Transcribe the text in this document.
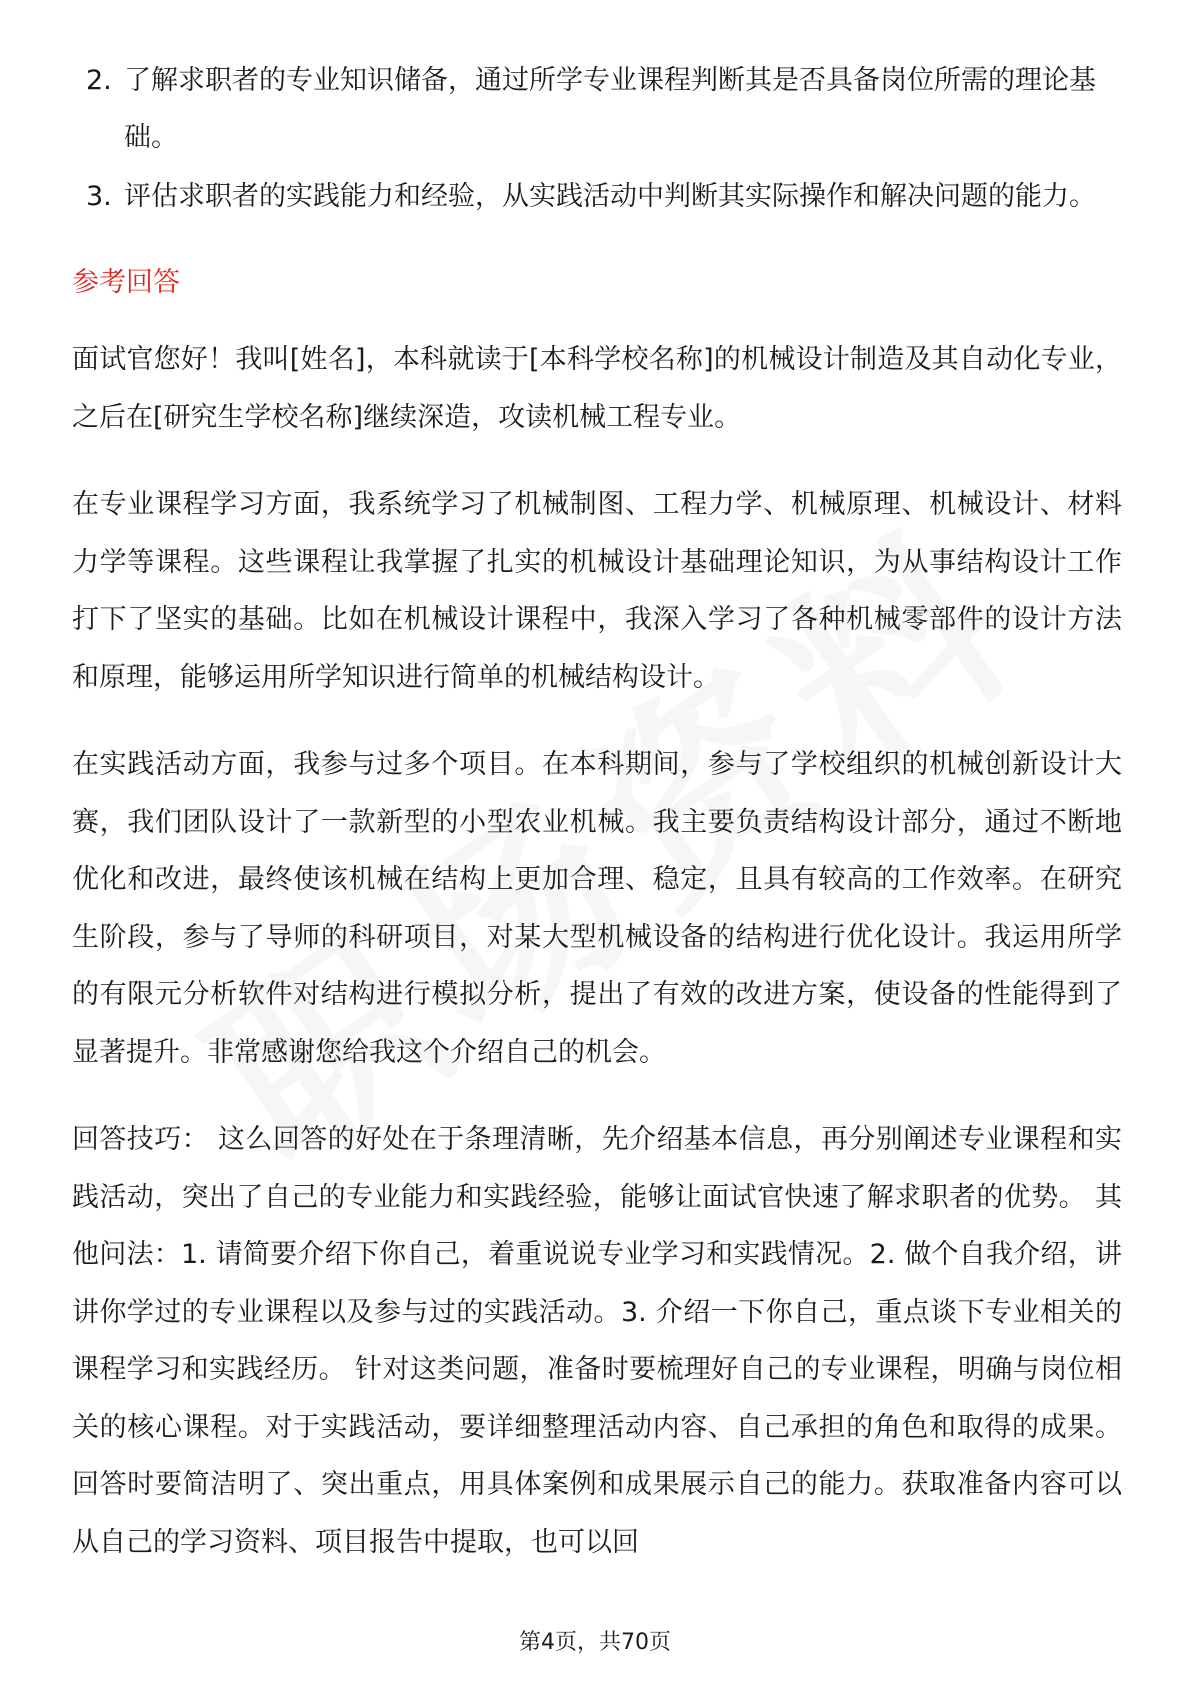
2. 了解求职者的专业知识储备，通过所学专业课程判断其是否具备岗位所需的理论基础。
3. 评估求职者的实践能力和经验，从实践活动中判断其实际操作和解决问题的能力。
参考回答

面试官您好！我叫[姓名]，本科就读于[本科学校名称]的机械设计制造及其自动化专业，之后在[研究生学校名称]继续深造，攻读机械工程专业。

在专业课程学习方面，我系统学习了机械制图、工程力学、机械原理、机械设计、材料力学等课程。这些课程让我掌握了扎实的机械设计基础理论知识，为从事结构设计工作打下了坚实的基础。比如在机械设计课程中，我深入学习了各种机械零部件的设计方法和原理，能够运用所学知识进行简单的机械结构设计。

在实践活动方面，我参与过多个项目。在本科期间，参与了学校组织的机械创新设计大赛，我们团队设计了一款新型的小型农业机械。我主要负责结构设计部分，通过不断地优化和改进，最终使该机械在结构上更加合理、稳定，且具有较高的工作效率。在研究生阶段，参与了导师的科研项目，对某大型机械设备的结构进行优化设计。我运用所学的有限元分析软件对结构进行模拟分析，提出了有效的改进方案，使设备的性能得到了显著提升。非常感谢您给我这个介绍自己的机会。

回答技巧： 这么回答的好处在于条理清晰，先介绍基本信息，再分别阐述专业课程和实践活动，突出了自己的专业能力和实践经验，能够让面试官快速了解求职者的优势。 其他问法：1. 请简要介绍下你自己，着重说说专业学习和实践情况。2. 做个自我介绍，讲讲你学过的专业课程以及参与过的实践活动。3. 介绍一下你自己，重点谈下专业相关的课程学习和实践经历。 针对这类问题，准备时要梳理好自己的专业课程，明确与岗位相关的核心课程。对于实践活动，要详细整理活动内容、自己承担的角色和取得的成果。回答时要简洁明了、突出重点，用具体案例和成果展示自己的能力。获取准备内容可以从自己的学习资料、项目报告中提取，也可以回

第4页，共70页
